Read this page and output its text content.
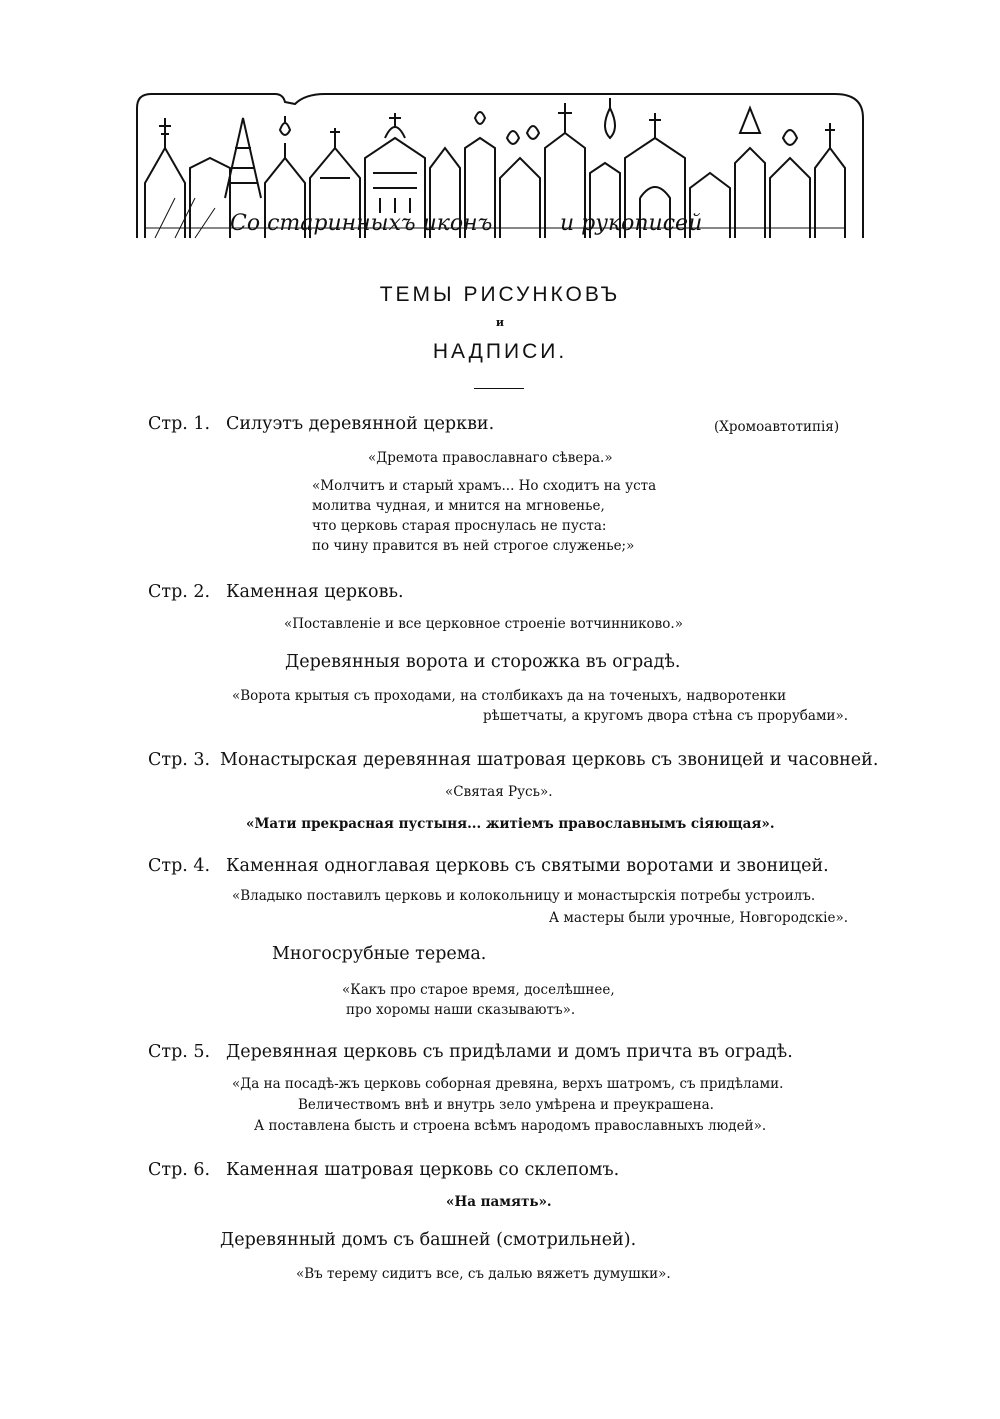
Со старинныхъ иконъ	и рукописей
ТЕМЫ РИСУНКОВЪ
и
НАДПИСИ.
Стр. 1. Силуэтъ деревянной церкви.	(Хромоавтотипія)
«Дремота православнаго сѣвера.»
«Молчитъ и старый храмъ... Но сходитъ на уста
молитва чудная, и мнится на мгновенье,
что церковь старая проснулась не пуста:
по чину правится въ ней строгое служенье;»
Стр. 2. Каменная церковь.
«Поставленіе и все церковное строеніе вотчинниково.»
Деревянныя ворота и сторожка въ оградѣ.
«Ворота крытыя съ проходами, на столбикахъ да на точеныхъ, надворотенки
рѣшетчаты, а кругомъ двора стѣна съ прорубами».
Стр. 3. Монастырская деревянная шатровая церковь съ звоницей и часовней.
«Святая Русь».
«Мати прекрасная пустыня... житіемъ православнымъ сіяющая».
Стр. 4. Каменная одноглавая церковь съ святыми воротами и звоницей.
«Владыко поставилъ церковь и колокольницу и монастырскія потребы устроилъ.
А мастеры были урочные, Новгородскіе».
Многосрубные терема.
«Какъ про старое время, доселѣшнее,
про хоромы наши сказываютъ».
Стр. 5. Деревянная церковь съ придѣлами и домъ причта въ оградѣ.
«Да на посадѣ-жъ церковь соборная древяна, верхъ шатромъ, съ придѣлами.
Величествомъ внѣ и внутрь зело умѣрена и преукрашена.
А поставлена бысть и строена всѣмъ народомъ православныхъ людей».
Стр. 6. Каменная шатровая церковь со склепомъ.
«На память».
Деревянный домъ съ башней (смотрильней).
«Въ терему сидитъ все, съ далью вяжетъ думушки».
